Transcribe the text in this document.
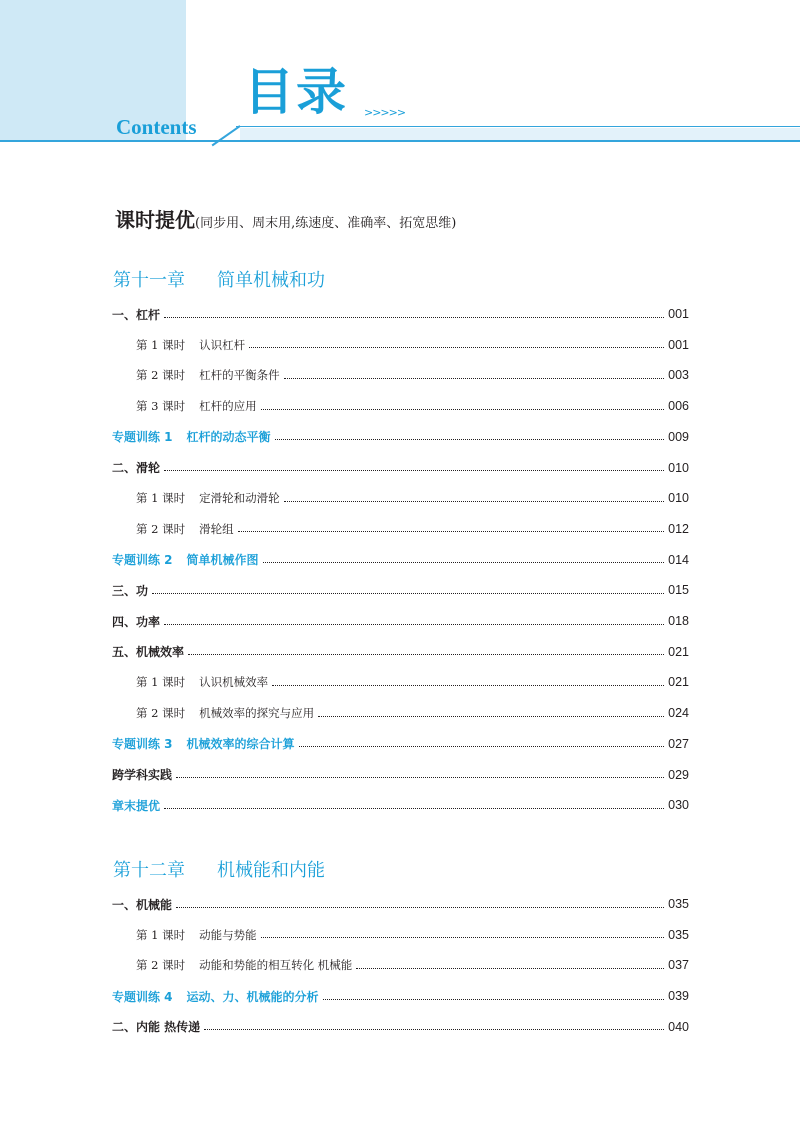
目录 >>>>>
Contents
课时提优(同步用、周末用,练速度、准确率、拓宽思维)
第十一章 简单机械和功
一、杠杆	001
第 1 课时 认识杠杆	001
第 2 课时 杠杆的平衡条件	003
第 3 课时 杠杆的应用	006
专题训练 1 杠杆的动态平衡	009
二、滑轮	010
第 1 课时 定滑轮和动滑轮	010
第 2 课时 滑轮组	012
专题训练 2 简单机械作图	014
三、功	015
四、功率	018
五、机械效率	021
第 1 课时 认识机械效率	021
第 2 课时 机械效率的探究与应用	024
专题训练 3 机械效率的综合计算	027
跨学科实践	029
章末提优	030
第十二章 机械能和内能
一、机械能	035
第 1 课时 动能与势能	035
第 2 课时 动能和势能的相互转化 机械能	037
专题训练 4 运动、力、机械能的分析	039
二、内能 热传递	040
